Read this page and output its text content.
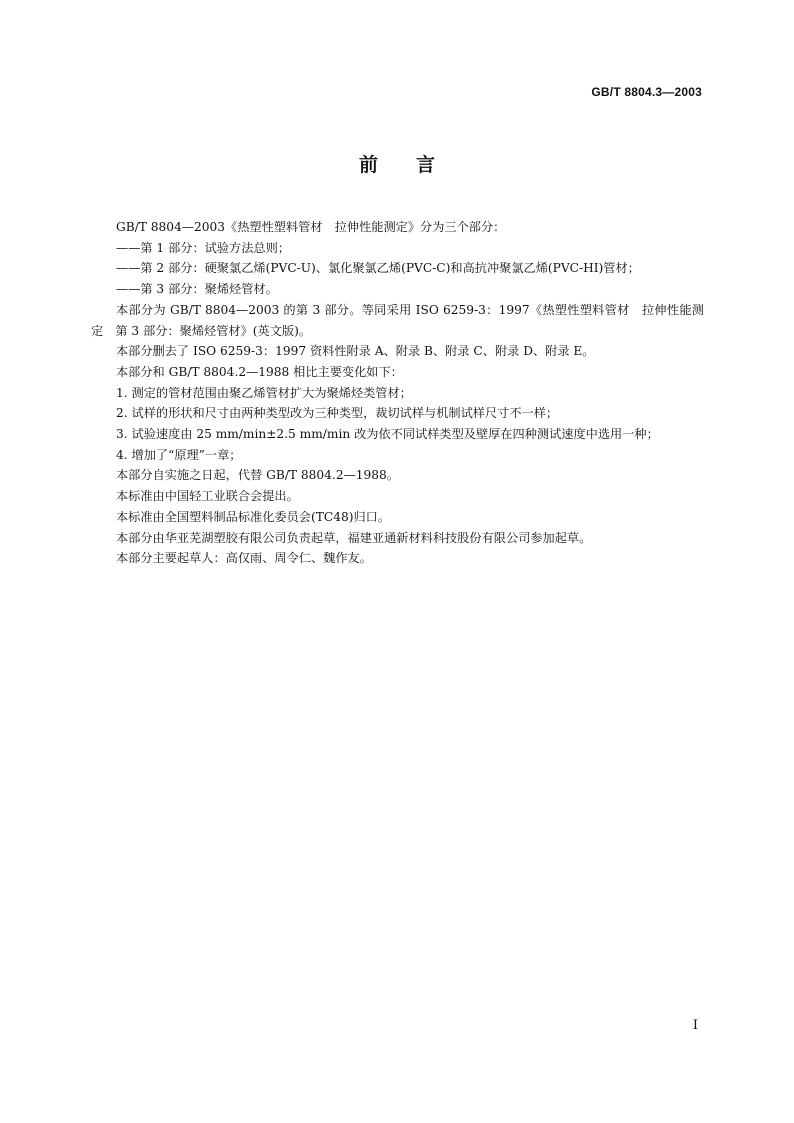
GB/T 8804.3—2003
前言

GB/T 8804—2003《热塑性塑料管材　拉伸性能测定》分为三个部分：

——第 1 部分：试验方法总则；

——第 2 部分：硬聚氯乙烯(PVC-U)、氯化聚氯乙烯(PVC-C)和高抗冲聚氯乙烯(PVC-HI)管材；

——第 3 部分：聚烯烃管材。

本部分为 GB/T 8804—2003 的第 3 部分。等同采用 ISO 6259-3：1997《热塑性塑料管材　拉伸性能测定　第 3 部分：聚烯烃管材》(英文版)。

本部分删去了 ISO 6259-3：1997 资料性附录 A、附录 B、附录 C、附录 D、附录 E。

本部分和 GB/T 8804.2—1988 相比主要变化如下：

1. 测定的管材范围由聚乙烯管材扩大为聚烯烃类管材；

2. 试样的形状和尺寸由两种类型改为三种类型，裁切试样与机制试样尺寸不一样；

3. 试验速度由 25 mm/min±2.5 mm/min 改为依不同试样类型及壁厚在四种测试速度中选用一种；

4. 增加了“原理”一章；

本部分自实施之日起，代替 GB/T 8804.2—1988。

本标准由中国轻工业联合会提出。

本标准由全国塑料制品标准化委员会(TC48)归口。

本部分由华亚芜湖塑胶有限公司负责起草，福建亚通新材料科技股份有限公司参加起草。

本部分主要起草人：高仅雨、周令仁、魏作友。

I
